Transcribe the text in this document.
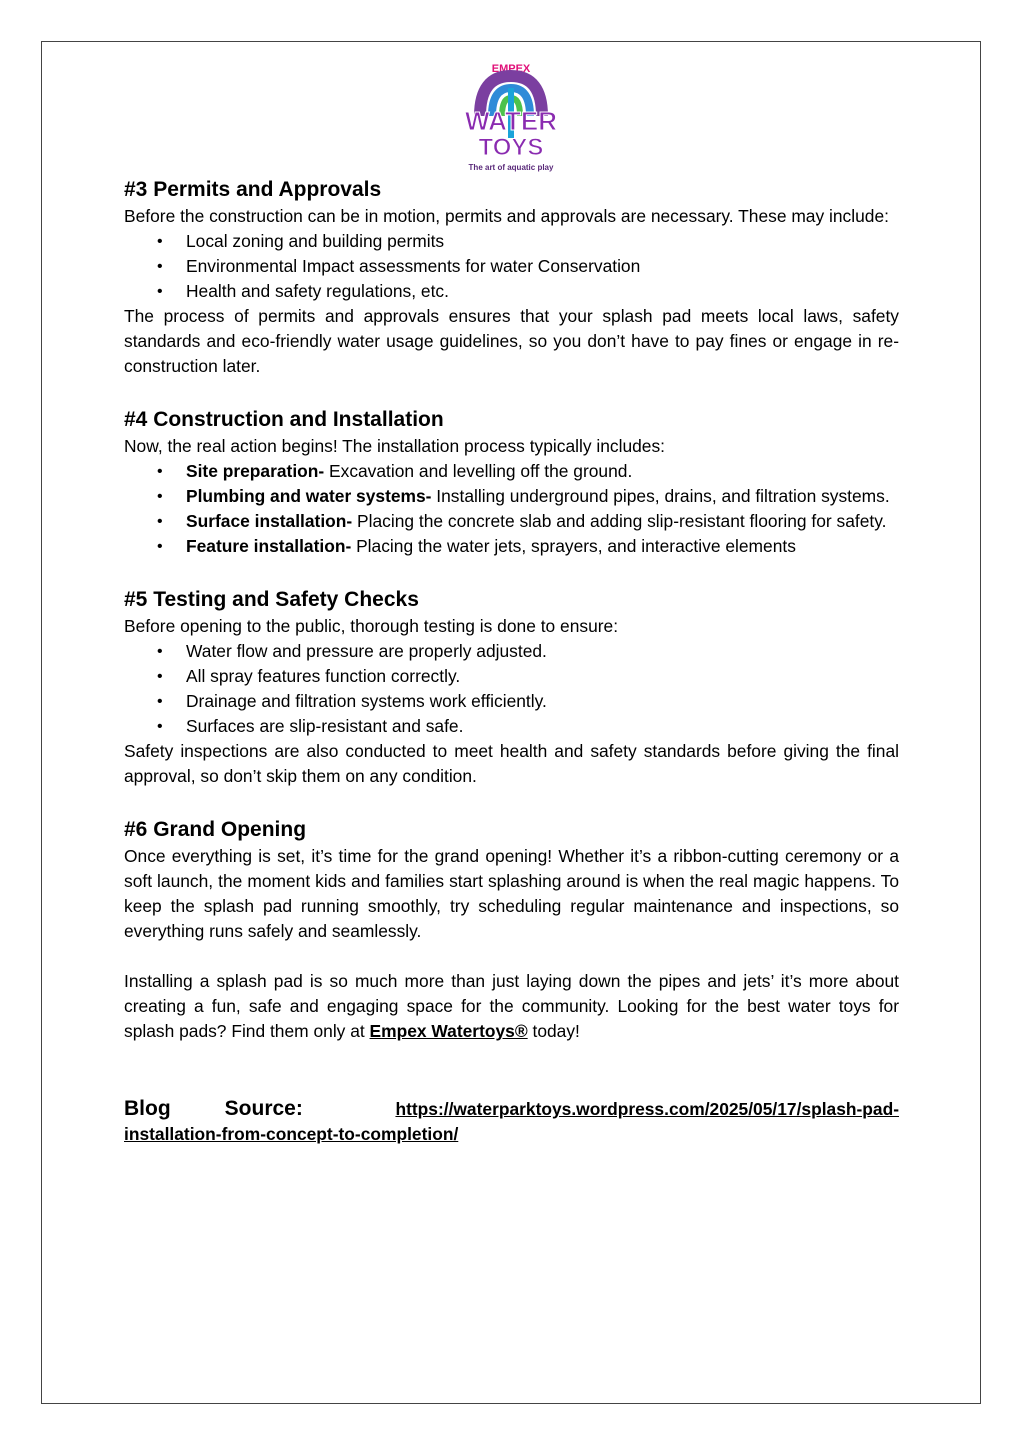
EMPEX
WATER
TOYS
The art of aquatic play
#3 Permits and Approvals

Before the construction can be in motion, permits and approvals are necessary. These may include:

• Local zoning and building permits
• Environmental Impact assessments for water Conservation
• Health and safety regulations, etc.

The process of permits and approvals ensures that your splash pad meets local laws, safety standards and eco-friendly water usage guidelines, so you don’t have to pay fines or engage in re-construction later.

#4 Construction and Installation

Now, the real action begins! The installation process typically includes:

• Site preparation- Excavation and levelling off the ground.
• Plumbing and water systems- Installing underground pipes, drains, and filtration systems.
• Surface installation- Placing the concrete slab and adding slip-resistant flooring for safety.
• Feature installation- Placing the water jets, sprayers, and interactive elements
#5 Testing and Safety Checks

Before opening to the public, thorough testing is done to ensure:

• Water flow and pressure are properly adjusted.
• All spray features function correctly.
• Drainage and filtration systems work efficiently.
• Surfaces are slip-resistant and safe.

Safety inspections are also conducted to meet health and safety standards before giving the final approval, so don’t skip them on any condition.

#6 Grand Opening

Once everything is set, it’s time for the grand opening! Whether it’s a ribbon-cutting ceremony or a soft launch, the moment kids and families start splashing around is when the real magic happens. To keep the splash pad running smoothly, try scheduling regular maintenance and inspections, so everything runs safely and seamlessly.

Installing a splash pad is so much more than just laying down the pipes and jets’ it’s more about creating a fun, safe and engaging space for the community. Looking for the best water toys for splash pads? Find them only at Empex Watertoys® today!

Blog	Source:	https://waterparktoys.wordpress.com/2025/05/17/splash-pad-
installation-from-concept-to-completion/
